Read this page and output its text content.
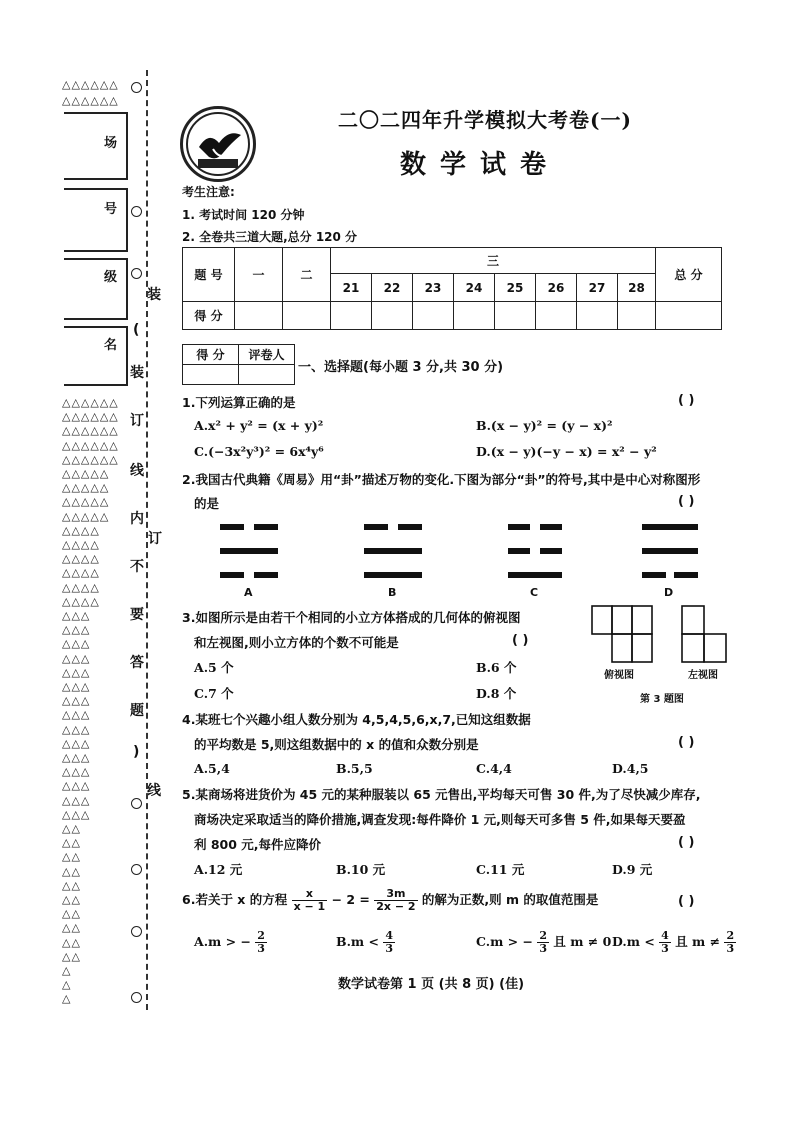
△△△△△△
△△△△△△
场
号
级
名
△△△△△△
△△△△△△
△△△△△△
△△△△△△
△△△△△△
△△△△△
△△△△△
△△△△△
△△△△△
△△△△
△△△△
△△△△
△△△△
△△△△
△△△△
△△△
△△△
△△△
△△△
△△△
△△△
△△△
△△△
△△△
△△△
△△△
△△△
△△△
△△△
△△△
△△
△△
△△
△△
△△
△△
△△
△△
△△
△△
△
△
△
装
(
装
订
线
内
不
要
答
题
)
线
订
二〇二四年升学模拟大考卷(一)
数学试卷
考生注意:
1. 考试时间 120 分钟
2. 全卷共三道大题,总分 120 分
题 号	一	二	三								总 分
			21	22	23	24	25	26	27	28	
得 分											
得 分	评卷人

一、选择题(每小题 3 分,共 30 分)
1.下列运算正确的是	( )
A.x² + y² = (x + y)²	B.(x − y)² = (y − x)²
C.(−3x²y³)² = 6x⁴y⁶	D.(x − y)(−y − x) = x² − y²
2.我国古代典籍《周易》用“卦”描述万物的变化.下图为部分“卦”的符号,其中是中心对称图形
的是	( )
A	B	C	D
3.如图所示是由若干个相同的小立方体搭成的几何体的俯视图
和左视图,则小立方体的个数不可能是	( )
A.5 个	B.6 个
C.7 个	D.8 个
俯视图	左视图
第 3 题图
4.某班七个兴趣小组人数分别为 4,5,4,5,6,x,7,已知这组数据
的平均数是 5,则这组数据中的 x 的值和众数分别是	( )
A.5,4	B.5,5	C.4,4	D.4,5
5.某商场将进货价为 45 元的某种服装以 65 元售出,平均每天可售 30 件,为了尽快减少库存,
商场决定采取适当的降价措施,调查发现:每件降价 1 元,则每天可多售 5 件,如果每天要盈
利 800 元,每件应降价	( )
A.12 元	B.10 元	C.11 元	D.9 元
6.若关于 x 的方程 $\frac{x}{x - 1} - 2 = \frac{3m}{2x - 2}$ 的解为正数,则 m 的取值范围是	( )
A.m > − $\frac{2}{3}$	$B.m < \frac{4}{3}$	C.m > − $\frac{2}{3}$ 且 m ≠ 0 $D.m < \frac{4}{3}$ 且 $m \ne \frac{2}{3}$
数学试卷第 1 页 (共 8 页) (佳)
